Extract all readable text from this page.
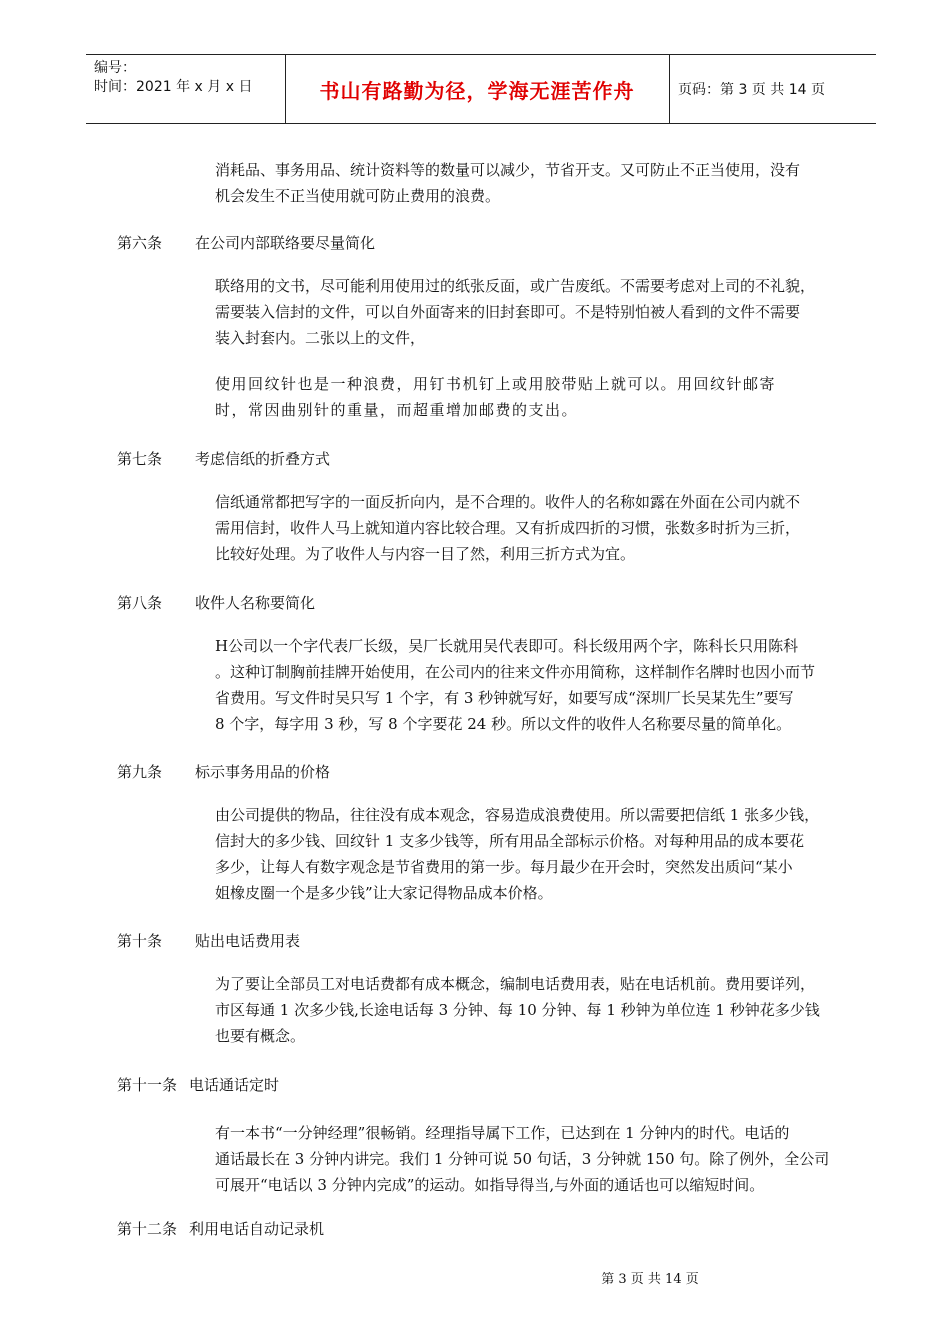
编号：
时间：2021 年 x 月 x 日	书山有路勤为径，学海无涯苦作舟	页码：第 3 页 共 14 页
消耗品、事务用品、统计资料等的数量可以减少，节省开支。又可防止不正当使用，没有
机会发生不正当使用就可防止费用的浪费。
第六条 在公司内部联络要尽量简化
联络用的文书，尽可能利用使用过的纸张反面，或广告废纸。不需要考虑对上司的不礼貌，
需要装入信封的文件，可以自外面寄来的旧封套即可。不是特别怕被人看到的文件不需要
装入封套内。二张以上的文件，
使用回纹针也是一种浪费，用钉书机钉上或用胶带贴上就可以。用回纹针邮寄
时，常因曲别针的重量，而超重增加邮费的支出。
第七条 考虑信纸的折叠方式
信纸通常都把写字的一面反折向内，是不合理的。收件人的名称如露在外面在公司内就不
需用信封，收件人马上就知道内容比较合理。又有折成四折的习惯，张数多时折为三折，
比较好处理。为了收件人与内容一目了然，利用三折方式为宜。
第八条 收件人名称要简化
H公司以一个字代表厂长级，吴厂长就用吴代表即可。科长级用两个字，陈科长只用陈科
。这种订制胸前挂牌开始使用，在公司内的往来文件亦用简称，这样制作名牌时也因小而节
省费用。写文件时吴只写 1 个字，有 3 秒钟就写好，如要写成“深圳厂长吴某先生”要写
8 个字，每字用 3 秒，写 8 个字要花 24 秒。所以文件的收件人名称要尽量的简单化。
第九条 标示事务用品的价格
由公司提供的物品，往往没有成本观念，容易造成浪费使用。所以需要把信纸 1 张多少钱，
信封大的多少钱、回纹针 1 支多少钱等，所有用品全部标示价格。对每种用品的成本要花
多少，让每人有数字观念是节省费用的第一步。每月最少在开会时，突然发出质问“某小
姐橡皮圈一个是多少钱”让大家记得物品成本价格。
第十条 贴出电话费用表
为了要让全部员工对电话费都有成本概念，编制电话费用表，贴在电话机前。费用要详列，
市区每通 1 次多少钱,长途电话每 3 分钟、每 10 分钟、每 1 秒钟为单位连 1 秒钟花多少钱
也要有概念。
第十一条 电话通话定时
有一本书“一分钟经理”很畅销。经理指导属下工作，已达到在 1 分钟内的时代。电话的
通话最长在 3 分钟内讲完。我们 1 分钟可说 50 句话，3 分钟就 150 句。除了例外，全公司
可展开“电话以 3 分钟内完成”的运动。如指导得当,与外面的通话也可以缩短时间。
第十二条 利用电话自动记录机
第 3 页 共 14 页
